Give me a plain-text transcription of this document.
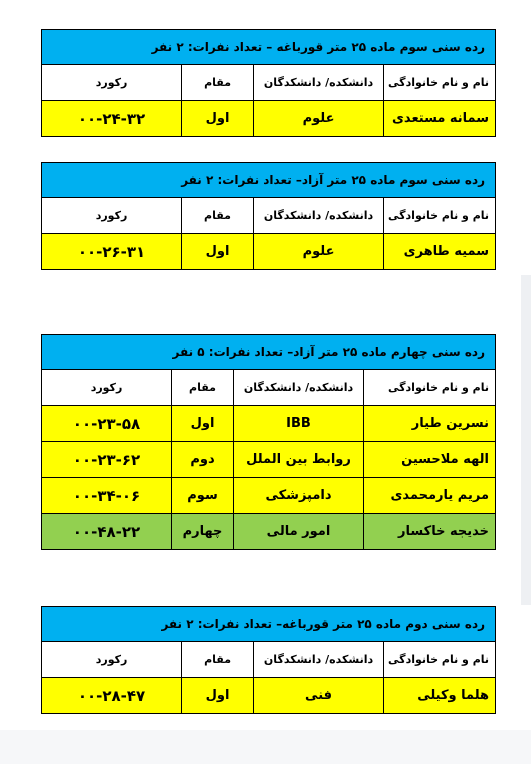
رده سنی سوم ماده ۲۵ متر قورباغه – تعداد نفرات: ۲ نفر			
نام و نام خانوادگی	دانشکده/ دانشکدگان	مقام	رکورد
سمانه مستعدی	علوم	اول	۰۰-۲۴-۳۲
رده سنی سوم ماده ۲۵ متر آزاد– تعداد نفرات: ۲ نفر			
نام و نام خانوادگی	دانشکده/ دانشکدگان	مقام	رکورد
سمیه طاهری	علوم	اول	۰۰-۲۶-۳۱
رده سنی چهارم ماده ۲۵ متر آزاد– تعداد نفرات: ۵ نفر			
نام و نام خانوادگی	دانشکده/ دانشکدگان	مقام	رکورد
نسرین طیار	IBB	اول	۰۰-۲۳-۵۸
الهه ملاحسین	روابط بین الملل	دوم	۰۰-۲۳-۶۲
مریم یارمحمدی	دامپزشکی	سوم	۰۰-۳۴-۰۶
خدیجه خاکسار	امور مالی	چهارم	۰۰-۴۸-۲۲
رده سنی دوم ماده ۲۵ متر قورباغه– تعداد نفرات: ۲ نفر			
نام و نام خانوادگی	دانشکده/ دانشکدگان	مقام	رکورد
هلما وکیلی	فنی	اول	۰۰-۲۸-۴۷
